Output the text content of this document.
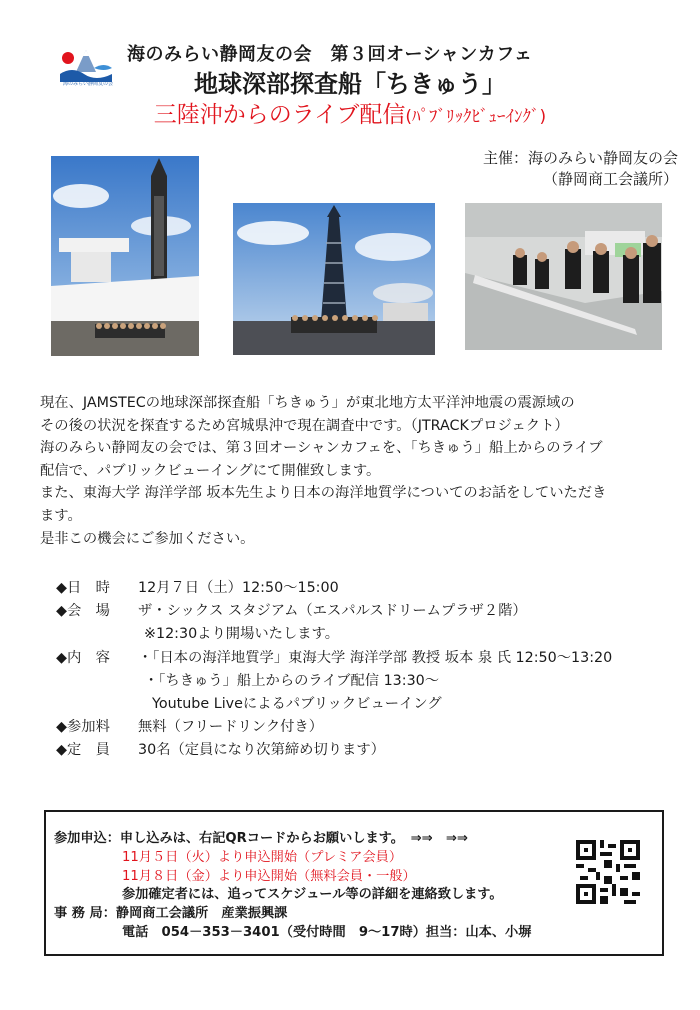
海のみらい静岡友の会
海のみらい静岡友の会　第３回オーシャンカフェ
地球深部探査船「ちきゅう」
三陸沖からのライブ配信(ﾊﾟﾌﾞﾘｯｸﾋﾞｭｰｲﾝｸﾞ)
主催：海のみらい静岡友の会
（静岡商工会議所）

現在、JAMSTECの地球深部探査船「ちきゅう」が東北地方太平洋沖地震の震源域の

その後の状況を探査するため宮城県沖で現在調査中です。（JTRACKプロジェクト）

海のみらい静岡友の会では、第３回オーシャンカフェを、「ちきゅう」船上からのライブ

配信で、パブリックビューイングにて開催致します。

また、東海大学 海洋学部 坂本先生より日本の海洋地質学についてのお話をしていただき

ます。

是非この機会にご参加ください。

◆日　時 12月７日（土）12:50～15:00
◆会　場 ザ・シックス スタジアム（エスパルスドリームプラザ２階）
※12:30より開場いたします。
◆内　容 ・「日本の海洋地質学」東海大学 海洋学部 教授 坂本 泉 氏 12:50～13:20
・「ちきゅう」船上からのライブ配信 13:30～
Youtube Liveによるパブリックビューイング
◆参加料 無料（フリードリンク付き）
◆定　員 30名（定員になり次第締め切ります）
参加申込：申し込みは、右記QRコードからお願いします。　⇒⇒　⇒⇒
11月５日（火）より申込開始（プレミア会員）
11月８日（金）より申込開始（無料会員・一般）
参加確定者には、追ってスケジュール等の詳細を連絡致します。
事 務 局：静岡商工会議所　産業振興課
電話　054－353－3401（受付時間　9～17時）担当：山本、小塀
